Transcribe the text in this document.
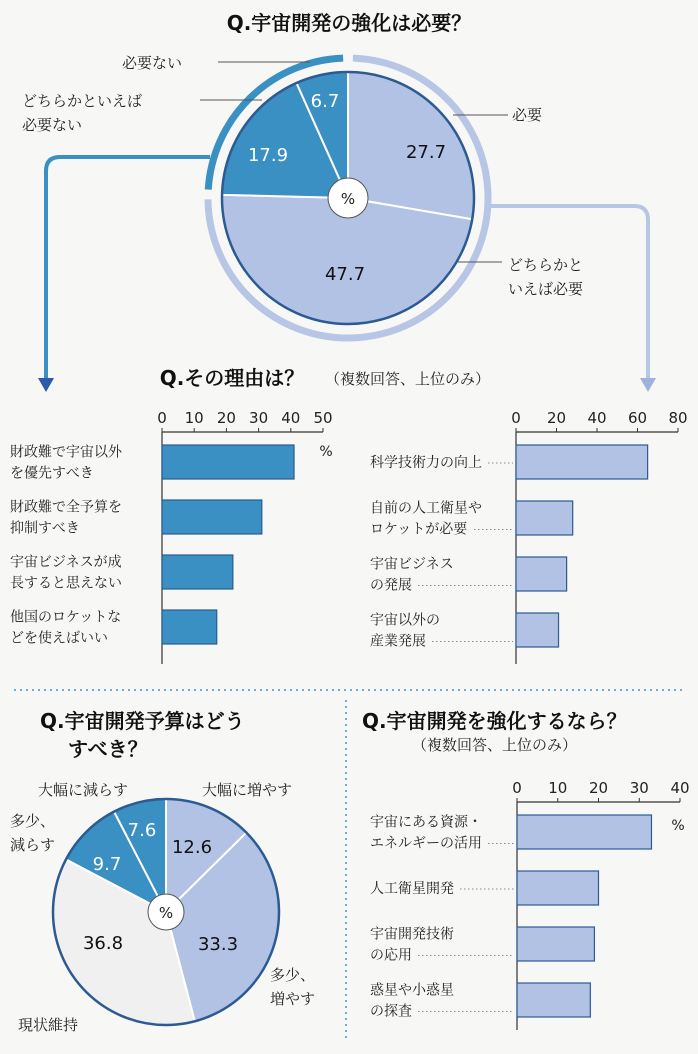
Q.宇宙開発の強化は必要？
27.7
47.7
17.9
6.7
%
必要
どちらかと
いえば必要
どちらかといえば
必要ない
必要ない
Q.その理由は？ （複数回答、上位のみ）
0 10 20 30 40 50
財政難で宇宙以外
を優先すべき
財政難で全予算を
抑制すべき
宇宙ビジネスが成
長すると思えない
他国のロケットな
どを使えばいい
%
0 20 40 60 80
科学技術力の向上
自前の人工衛星や
ロケットが必要
宇宙ビジネス
の発展
宇宙以外の
産業発展
Q.宇宙開発予算はどう
すべき？
12.6
33.3
36.8
9.7
7.6
%
大幅に増やす
多少、
増やす
現状維持
多少、
減らす
大幅に減らす
Q.宇宙開発を強化するなら？
（複数回答、上位のみ）
0 10 20 30 40
宇宙にある資源・
エネルギーの活用
人工衛星開発
宇宙開発技術
の応用
惑星や小惑星
の探査
%
